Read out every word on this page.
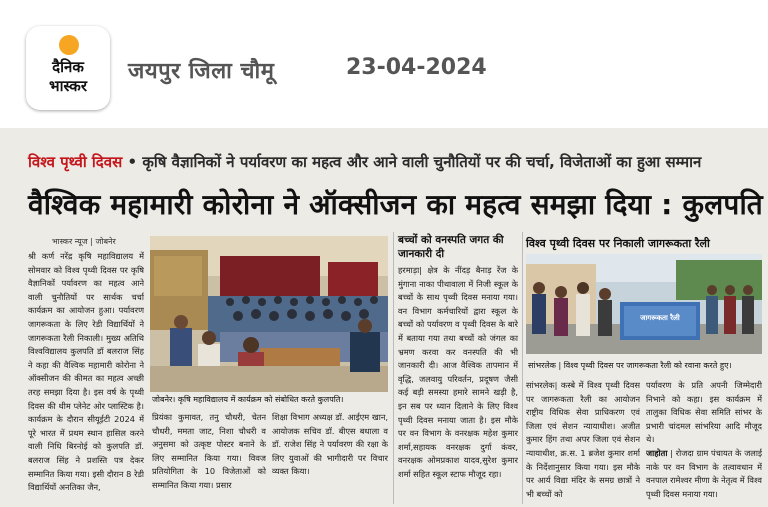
दैनिक
भास्कर
जयपुर जिला चौमू	23-04-2024
विश्व पृथ्वी दिवस • कृषि वैज्ञानिकों ने पर्यावरण का महत्व और आने वाली चुनौतियों पर की चर्चा, विजेताओं का हुआ सम्मान
वैश्विक महामारी कोरोना ने ऑक्सीजन का महत्व समझा दिया : कुलपति
भास्कर न्यूज | जोबनेर
श्री कर्ण नरेंद्र कृषि महाविद्यालय में सोमवार को विश्व पृथ्वी दिवस पर कृषि वैज्ञानिकों पर्यावरण का महत्व आने वाली चुनौतियों पर सार्थक चर्चा कार्यक्रम का आयोजन हुआ। पर्यावरण जागरूकता के लिए रेडी विद्यार्थियों ने जागरूकता रैली निकाली। मुख्य अतिथि विश्वविद्यालय कुलपति डॉ बलराज सिंह ने कहा की वैश्विक महामारी कोरोना ने ऑक्सीजन की कीमत का महत्व अच्छी तरह समझा दिया है। इस वर्ष के पृथ्वी दिवस की थीम प्लेनेट ओर प्लास्टिक है। कार्यक्रम के दौरान सीयूईटी 2024 में पूरे भारत में प्रथम स्थान हासिल करने वाली निधि बिरनोई को कुलपति डॉ. बलराज सिंह ने प्रशस्ति पत्र देकर सम्मानित किया गया। इसी दौरान 8 रेडी विद्यार्थियों अनतिका जैन,
जोबनेर। कृषि महाविद्यालय में कार्यक्रम को संबोधित करते कुलपति।
प्रियंका कुमावत, तनु चौधरी, चेतन चौधरी, ममता जाट, निशा चौधरी व अनुसमा को उत्कृष्ट पोस्टर बनाने के लिए सम्मानित किया गया। विवज प्रतियोगिता के 10 विजेताओं को सम्मानित किया गया। प्रसार
शिक्षा विभाग अध्यक्ष डॉ. आईएम खान, आयोजक सचिव डॉ. बीएस बधाला व डॉ. राजेश सिंह ने पर्यावरण की रक्षा के लिए युवाओं की भागीदारी पर विचार व्यक्त किया।
बच्चों को वनस्पति जगत की जानकारी दी
हरमाड़ा| क्षेत्र के नींदड़ बैनाड़ रेंज के मुंगाना नाका पीथावाला में निजी स्कूल के बच्चों के साथ पृथ्वी दिवस मनाया गया। वन विभाग कर्मचारियों द्वारा स्कूल के बच्चों को पर्यावरण व पृथ्वी दिवस के बारे में बताया गया तथा बच्चों को जंगल का भ्रमण करवा कर वनस्पति की भी जानकारी दी। आज वैश्विक तापमान में वृद्धि, जलवायु परिवर्तन, प्रदूषण जैसी कई बड़ी समस्या हमारे सामने खड़ी है, इन सब पर ध्यान दिलाने के लिए विश्व पृथ्वी दिवस मनाया जाता है। इस मौके पर वन विभाग के वनरक्षक महेश कुमार शर्मा,सहायक वनरक्षक दुर्गा कंवर, वनरक्षक ओमप्रकाश यादव,सुरेश कुमार शर्मा सहित स्कूल स्टाफ मौजूद रहा।
विश्व पृथ्वी दिवस पर निकाली जागरूकता रैली
जागरूकता रैली
सांभरलेक | विश्व पृथ्वी दिवस पर जागरूकता रैली को रवाना करते हुए।
सांभरलेक| कस्बे में विश्व पृथ्वी दिवस पर जागरूकता रैली का आयोजन राष्ट्रीय विधिक सेवा प्राधिकरण एवं जिला एवं सेशन न्यायाधीश। अजीत कुमार हिंग तथा अपर जिला एवं सेशन न्यायाधीश, क्र.स. 1 ब्रजेश कुमार शर्मा के निर्देशानुसार किया गया। इस मौके पर आर्य विद्या मंदिर के समग्र छात्रों ने भी बच्चों को
पर्यावरण के प्रति अपनी जिम्मेदारी निभाने को कहा। इस कार्यक्रम में तालुका विधिक सेवा समिति सांभर के प्रभारी चांदमल सांभरिया आदि मौजूद थे।
जाहोता | रोजदा ग्राम पंचायत के जलाई नाके पर वन विभाग के तत्वावधान में वनपाल रामेश्वर मीणा के नेतृत्व में विश्व पृथ्वी दिवस मनाया गया।
